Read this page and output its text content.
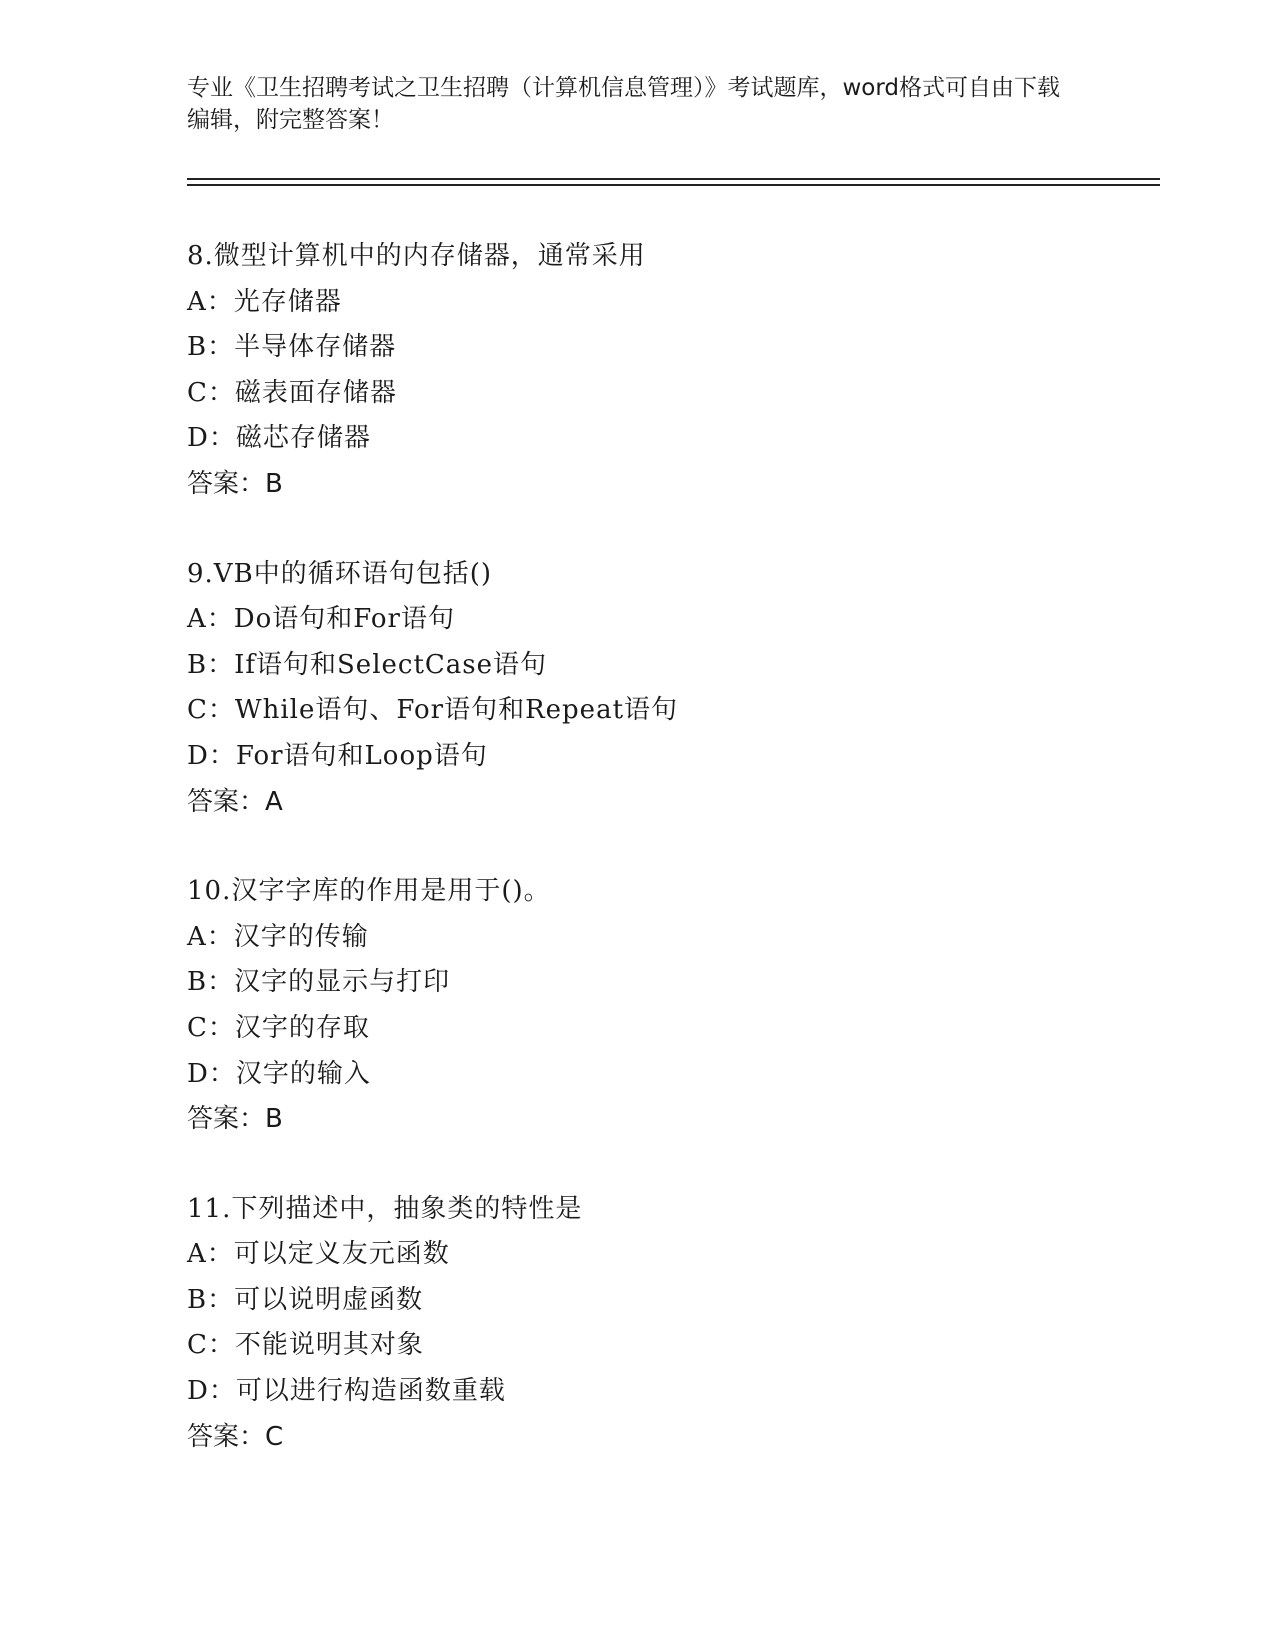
专业《卫生招聘考试之卫生招聘（计算机信息管理）》考试题库，word格式可自由下载编辑，附完整答案！
8.微型计算机中的内存储器，通常采用
A：光存储器
B：半导体存储器
C：磁表面存储器
D：磁芯存储器
答案：B
9.VB中的循环语句包括()
A：Do语句和For语句
B：If语句和SelectCase语句
C：While语句、For语句和Repeat语句
D：For语句和Loop语句
答案：A
10.汉字字库的作用是用于()。
A：汉字的传输
B：汉字的显示与打印
C：汉字的存取
D：汉字的输入
答案：B
11.下列描述中，抽象类的特性是
A：可以定义友元函数
B：可以说明虚函数
C：不能说明其对象
D：可以进行构造函数重载
答案：C
